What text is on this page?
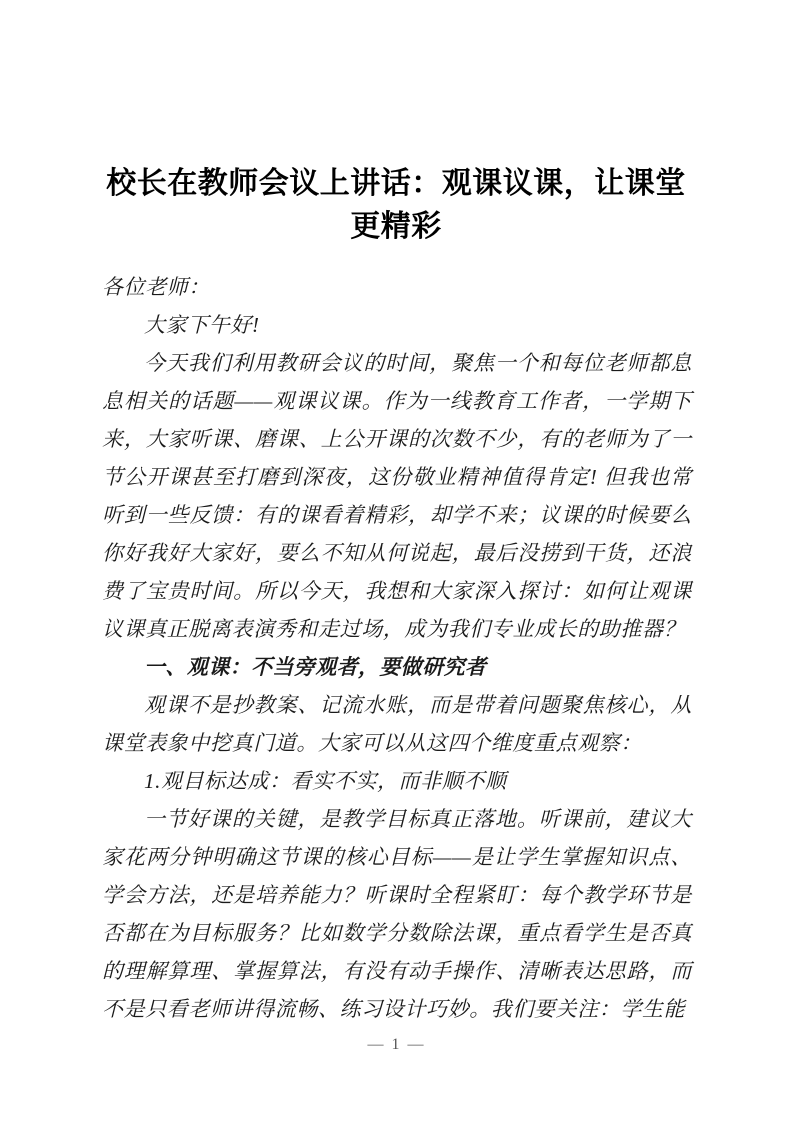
校长在教师会议上讲话：观课议课，让课堂更精彩

各位老师：

大家下午好!

今天我们利用教研会议的时间，聚焦一个和每位老师都息息相关的话题——观课议课。作为一线教育工作者，一学期下来，大家听课、磨课、上公开课的次数不少，有的老师为了一节公开课甚至打磨到深夜，这份敬业精神值得肯定! 但我也常听到一些反馈：有的课看着精彩，却学不来；议课的时候要么你好我好大家好，要么不知从何说起，最后没捞到干货，还浪费了宝贵时间。所以今天，我想和大家深入探讨：如何让观课议课真正脱离表演秀和走过场，成为我们专业成长的助推器？

一、观课：不当旁观者，要做研究者

观课不是抄教案、记流水账，而是带着问题聚焦核心，从课堂表象中挖真门道。大家可以从这四个维度重点观察：

1.观目标达成：看实不实，而非顺不顺

一节好课的关键，是教学目标真正落地。听课前，建议大家花两分钟明确这节课的核心目标——是让学生掌握知识点、学会方法，还是培养能力？听课时全程紧盯：每个教学环节是否都在为目标服务？比如数学分数除法课，重点看学生是否真的理解算理、掌握算法，有没有动手操作、清晰表达思路，而不是只看老师讲得流畅、练习设计巧妙。我们要关注：学生能

— 1 —
